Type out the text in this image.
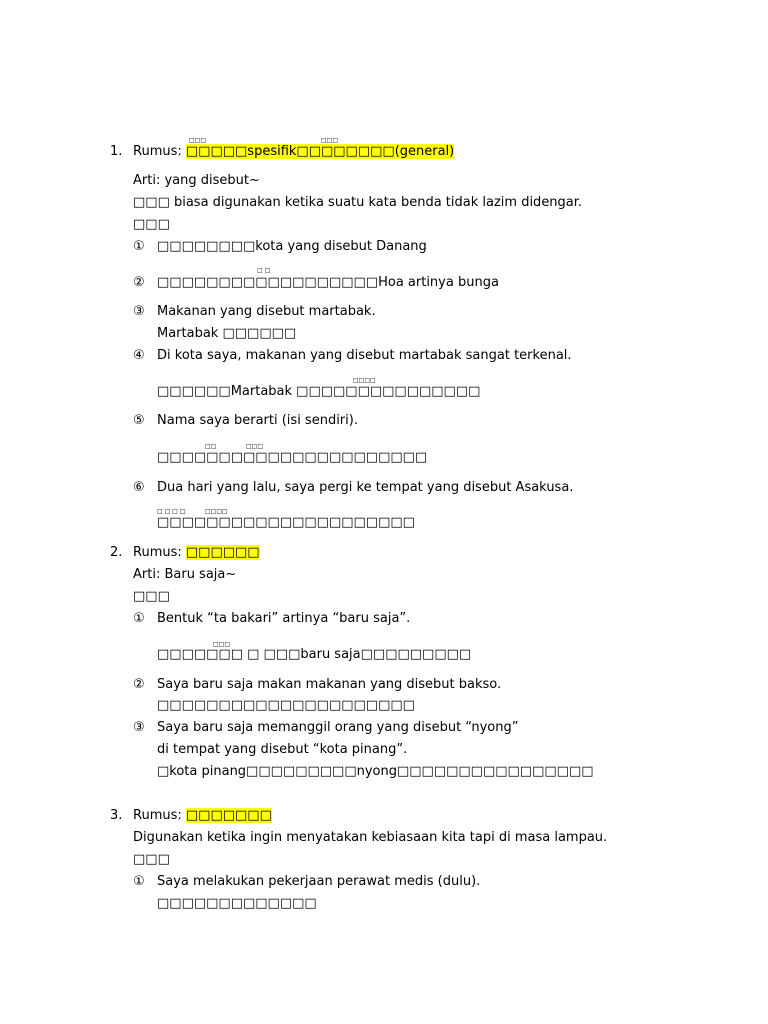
□□□	□□□
1. Rumus: □□□□□spesifik□□□□□□□□(general)
Arti: yang disebut~
□□□ biasa digunakan ketika suatu kata benda tidak lazim didengar.
□□□
① □□□□□□□□kota yang disebut Danang
□ □
② □□□□□□□□□□□□□□□□□□Hoa artinya bunga
③ Makanan yang disebut martabak.
Martabak □□□□□□
④ Di kota saya, makanan yang disebut martabak sangat terkenal.
□□□□
□□□□□□Martabak □□□□□□□□□□□□□□□
⑤ Nama saya berarti (isi sendiri).
□□	□□□
□□□□□□□□□□□□□□□□□□□□□□
⑥ Dua hari yang lalu, saya pergi ke tempat yang disebut Asakusa.
□ □ □ □	□□□□
□□□□□□□□□□□□□□□□□□□□□
2. Rumus: □□□□□□
Arti: Baru saja~
□□□
① Bentuk “ta bakari” artinya “baru saja”.
□□□
□□□□□□□ □ □□□baru saja□□□□□□□□□
② Saya baru saja makan makanan yang disebut bakso.
□□□□□□□□□□□□□□□□□□□□□
③ Saya baru saja memanggil orang yang disebut “nyong”
di tempat yang disebut “kota pinang”.
□kota pinang□□□□□□□□□nyong□□□□□□□□□□□□□□□□
3. Rumus: □□□□□□□
Digunakan ketika ingin menyatakan kebiasaan kita tapi di masa lampau.
□□□
① Saya melakukan pekerjaan perawat medis (dulu).
□□□□□□□□□□□□□
